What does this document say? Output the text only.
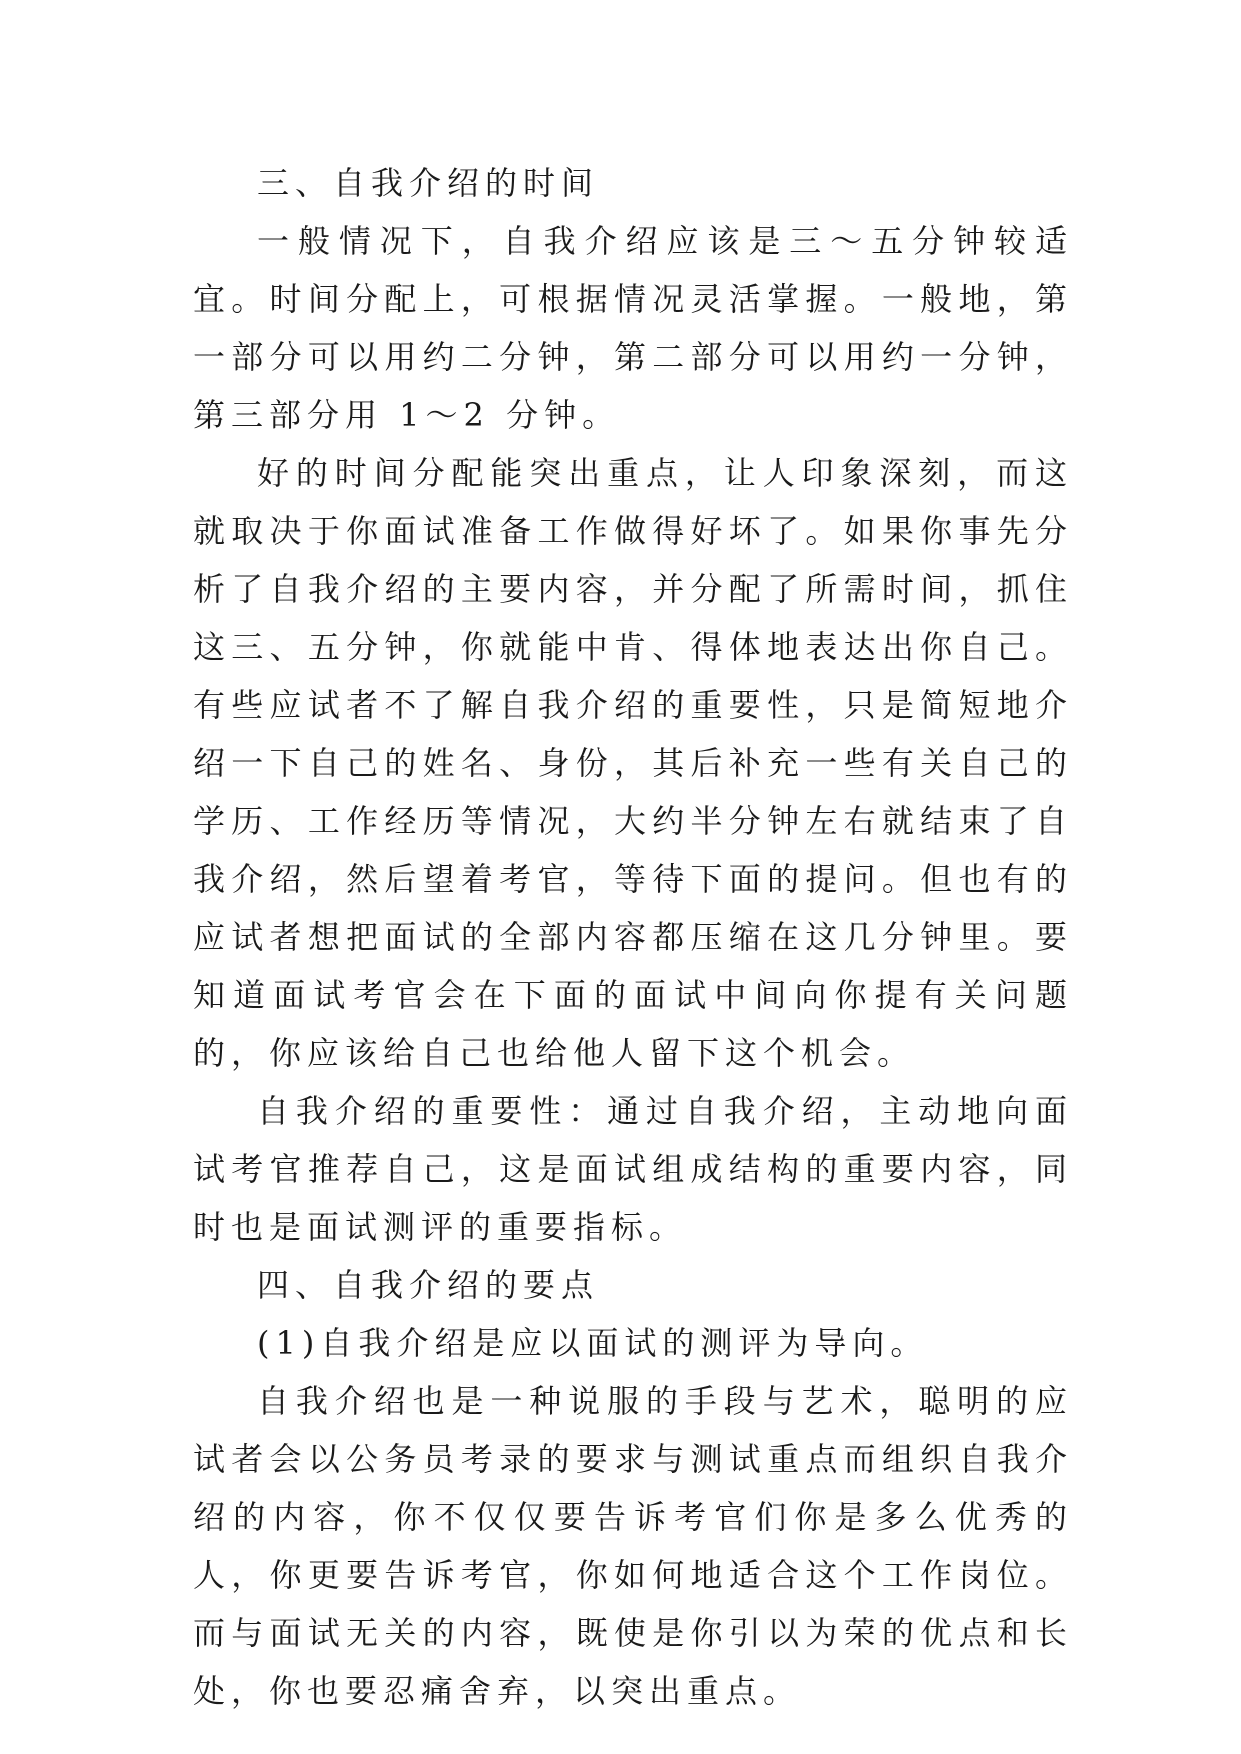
三、自我介绍的时间

一般情况下，自我介绍应该是三～五分钟较适宜。时间分配上，可根据情况灵活掌握。一般地，第一部分可以用约二分钟，第二部分可以用约一分钟，第三部分用 1～2 分钟。

好的时间分配能突出重点，让人印象深刻，而这就取决于你面试准备工作做得好坏了。如果你事先分析了自我介绍的主要内容，并分配了所需时间，抓住这三、五分钟，你就能中肯、得体地表达出你自己。有些应试者不了解自我介绍的重要性，只是简短地介绍一下自己的姓名、身份，其后补充一些有关自己的学历、工作经历等情况，大约半分钟左右就结束了自我介绍，然后望着考官，等待下面的提问。但也有的应试者想把面试的全部内容都压缩在这几分钟里。要知道面试考官会在下面的面试中间向你提有关问题的，你应该给自己也给他人留下这个机会。

自我介绍的重要性：通过自我介绍，主动地向面试考官推荐自己，这是面试组成结构的重要内容，同时也是面试测评的重要指标。

四、自我介绍的要点

(1)自我介绍是应以面试的测评为导向。

自我介绍也是一种说服的手段与艺术，聪明的应试者会以公务员考录的要求与测试重点而组织自我介绍的内容，你不仅仅要告诉考官们你是多么优秀的人，你更要告诉考官，你如何地适合这个工作岗位。而与面试无关的内容，既使是你引以为荣的优点和长处，你也要忍痛舍弃，以突出重点。
